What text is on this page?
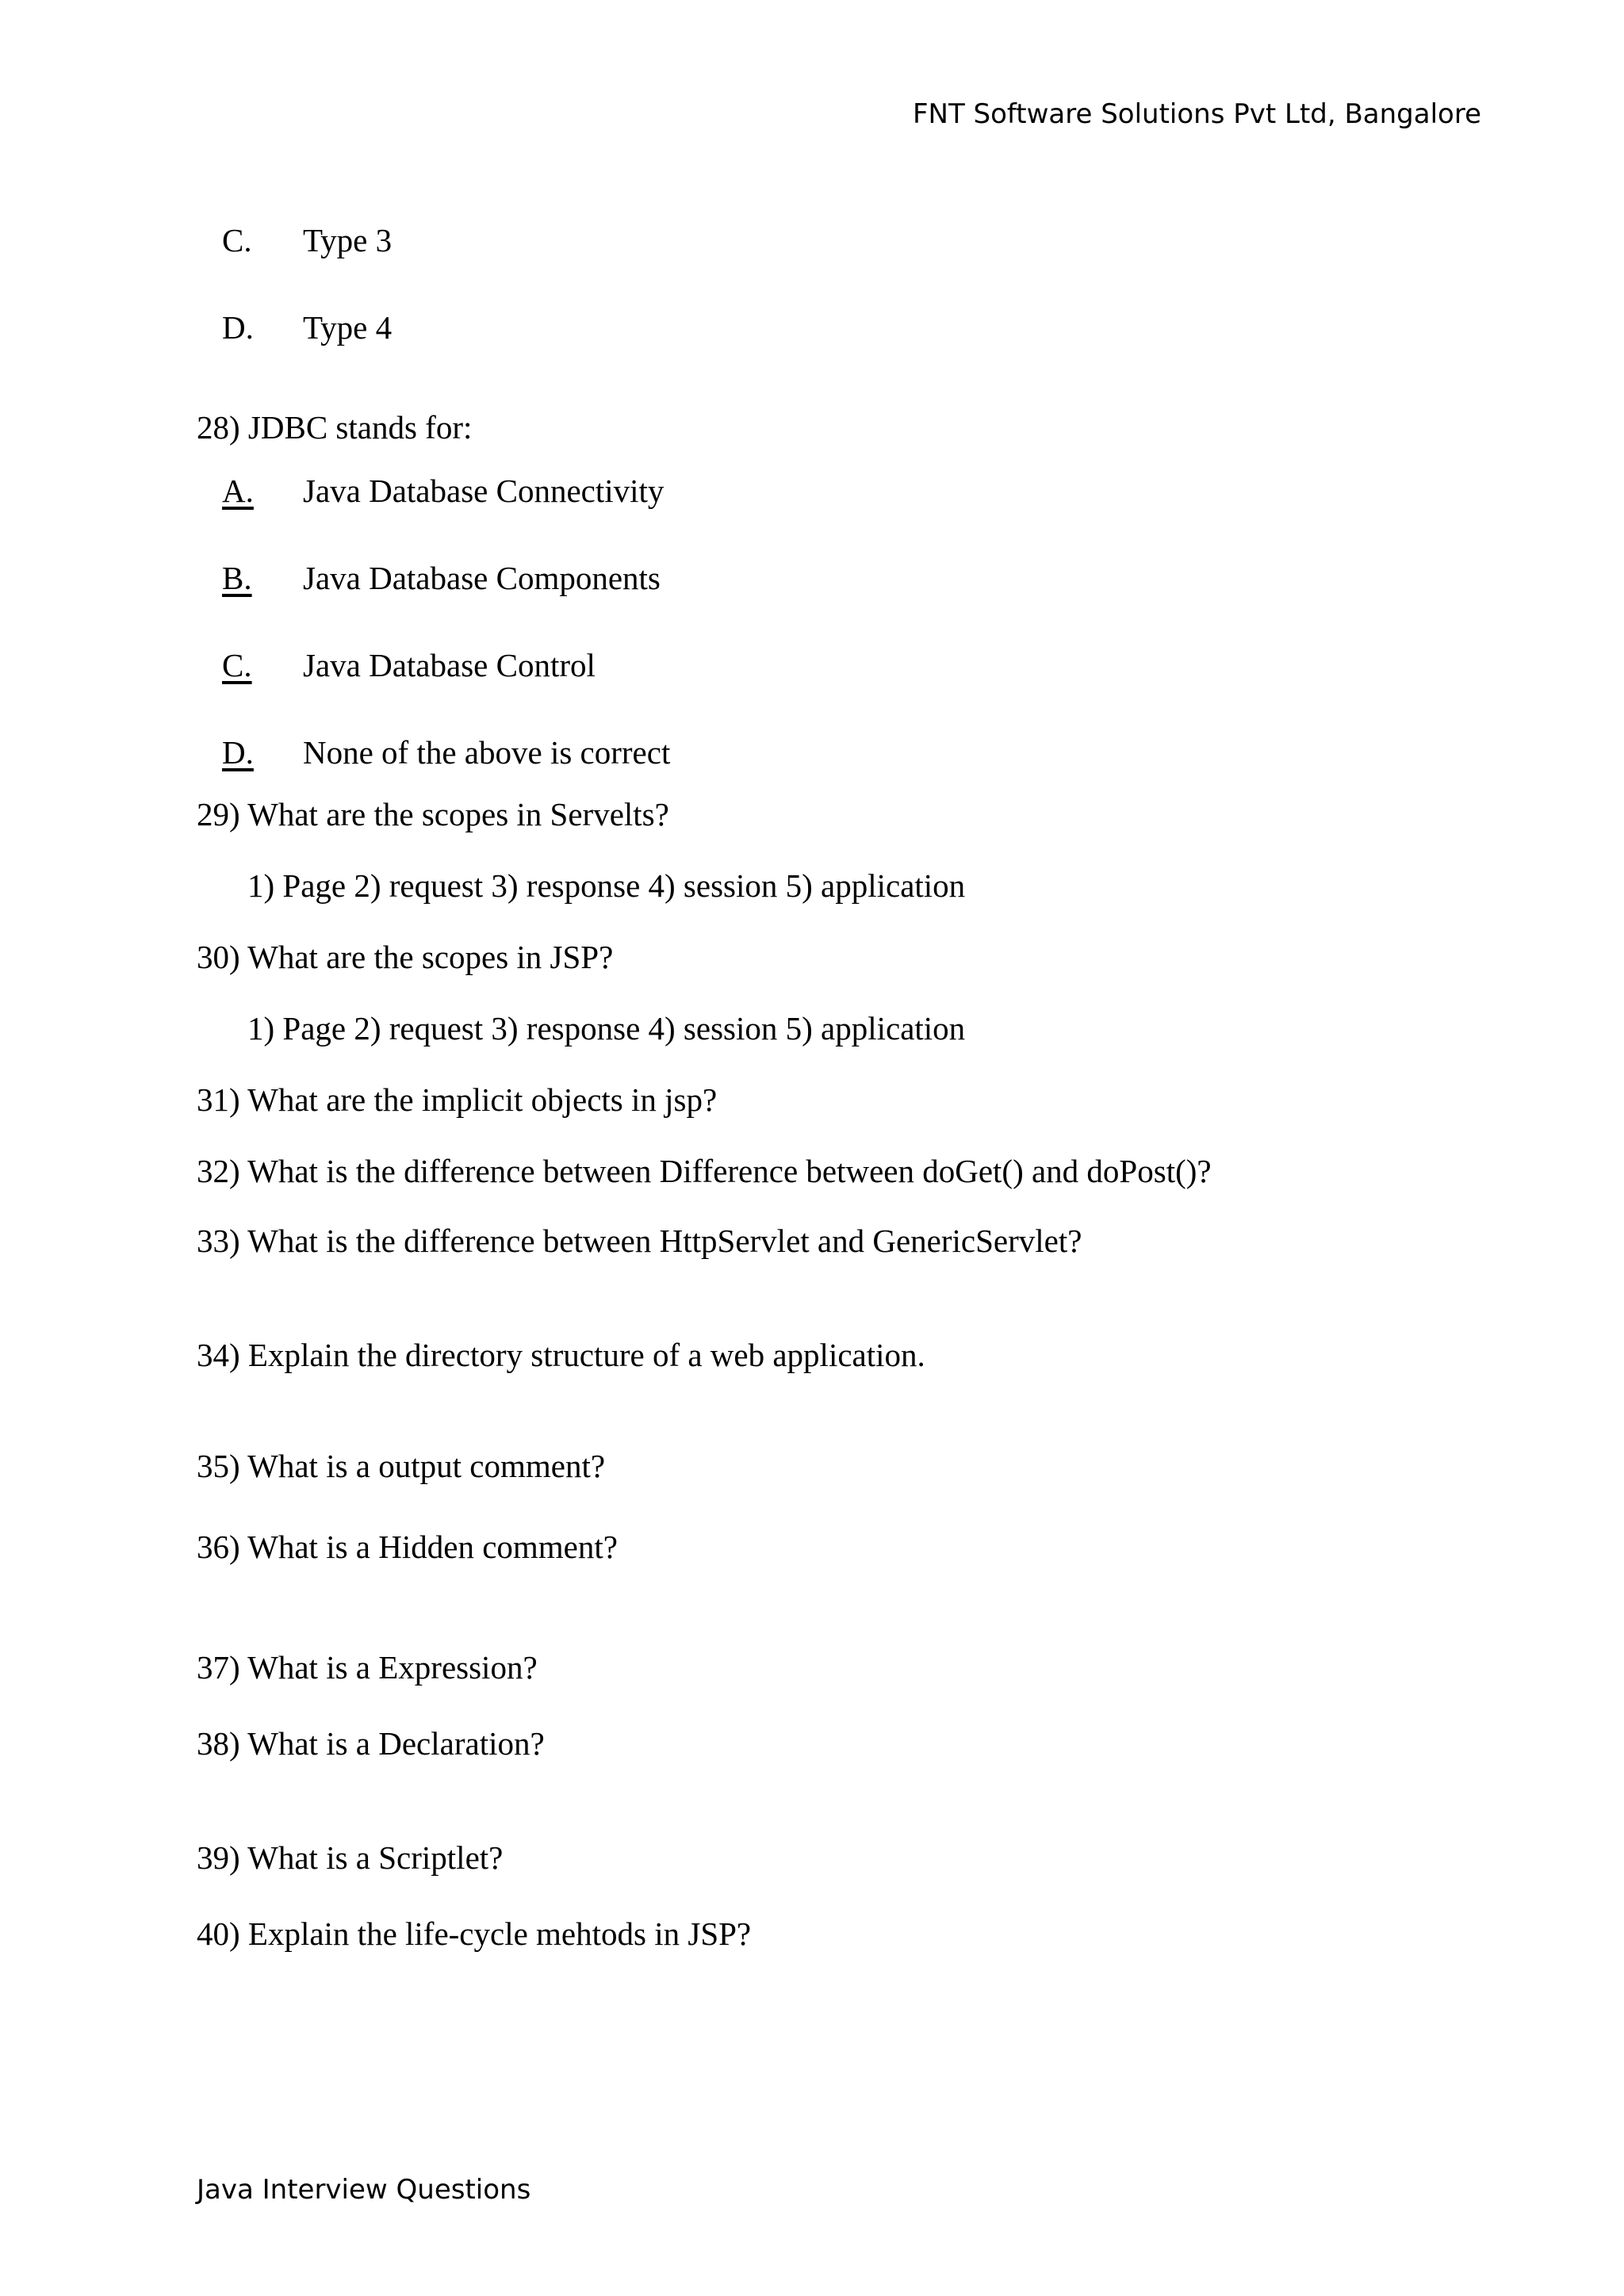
FNT Software Solutions Pvt Ltd, Bangalore
C. Type 3
D. Type 4
28) JDBC stands for:
A. Java Database Connectivity
B. Java Database Components
C. Java Database Control
D. None of the above is correct
29) What are the scopes in Servelts?
1) Page 2) request 3) response 4) session 5) application
30) What are the scopes in JSP?
1) Page 2) request 3) response 4) session 5) application
31) What are the implicit objects in jsp?
32) What is the difference between Difference between doGet() and doPost()?
33) What is the difference between HttpServlet and GenericServlet?
34) Explain the directory structure of a web application.
35) What is a output comment?
36) What is a Hidden comment?
37) What is a Expression?
38) What is a Declaration?
39) What is a Scriptlet?
40) Explain the life-cycle mehtods in JSP?
Java Interview Questions
